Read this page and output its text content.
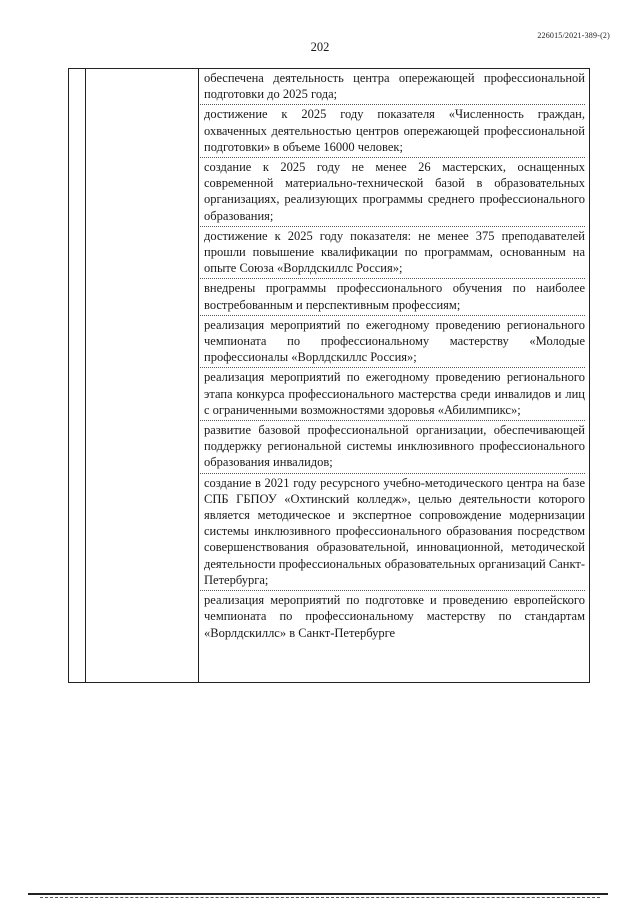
226015/2021-389-(2)
202
обеспечена деятельность центра опережающей профессиональной подготовки до 2025 года;
достижение к 2025 году показателя «Численность граждан, охваченных деятельностью центров опережающей профессиональной подготовки» в объеме 16000 человек;
создание к 2025 году не менее 26 мастерских, оснащенных современной материально-технической базой в образовательных организациях, реализующих программы среднего профессионального образования;
достижение к 2025 году показателя: не менее 375 преподавателей прошли повышение квалификации по программам, основанным на опыте Союза «Ворлдскиллс Россия»;
внедрены программы профессионального обучения по наиболее востребованным и перспективным профессиям;
реализация мероприятий по ежегодному проведению регионального чемпионата по профессиональному мастерству «Молодые профессионалы «Ворлдскиллс Россия»;
реализация мероприятий по ежегодному проведению регионального этапа конкурса профессионального мастерства среди инвалидов и лиц с ограниченными возможностями здоровья «Абилимпикс»;
развитие базовой профессиональной организации, обеспечивающей поддержку региональной системы инклюзивного профессионального образования инвалидов;
создание в 2021 году ресурсного учебно-методического центра на базе СПБ ГБПОУ «Охтинский колледж», целью деятельности которого является методическое и экспертное сопровождение модернизации системы инклюзивного профессионального образования посредством совершенствования образовательной, инновационной, методической деятельности профессиональных образовательных организаций Санкт-Петербурга;
реализация мероприятий по подготовке и проведению европейского чемпионата по профессиональному мастерству по стандартам «Ворлдскиллс» в Санкт-Петербурге
